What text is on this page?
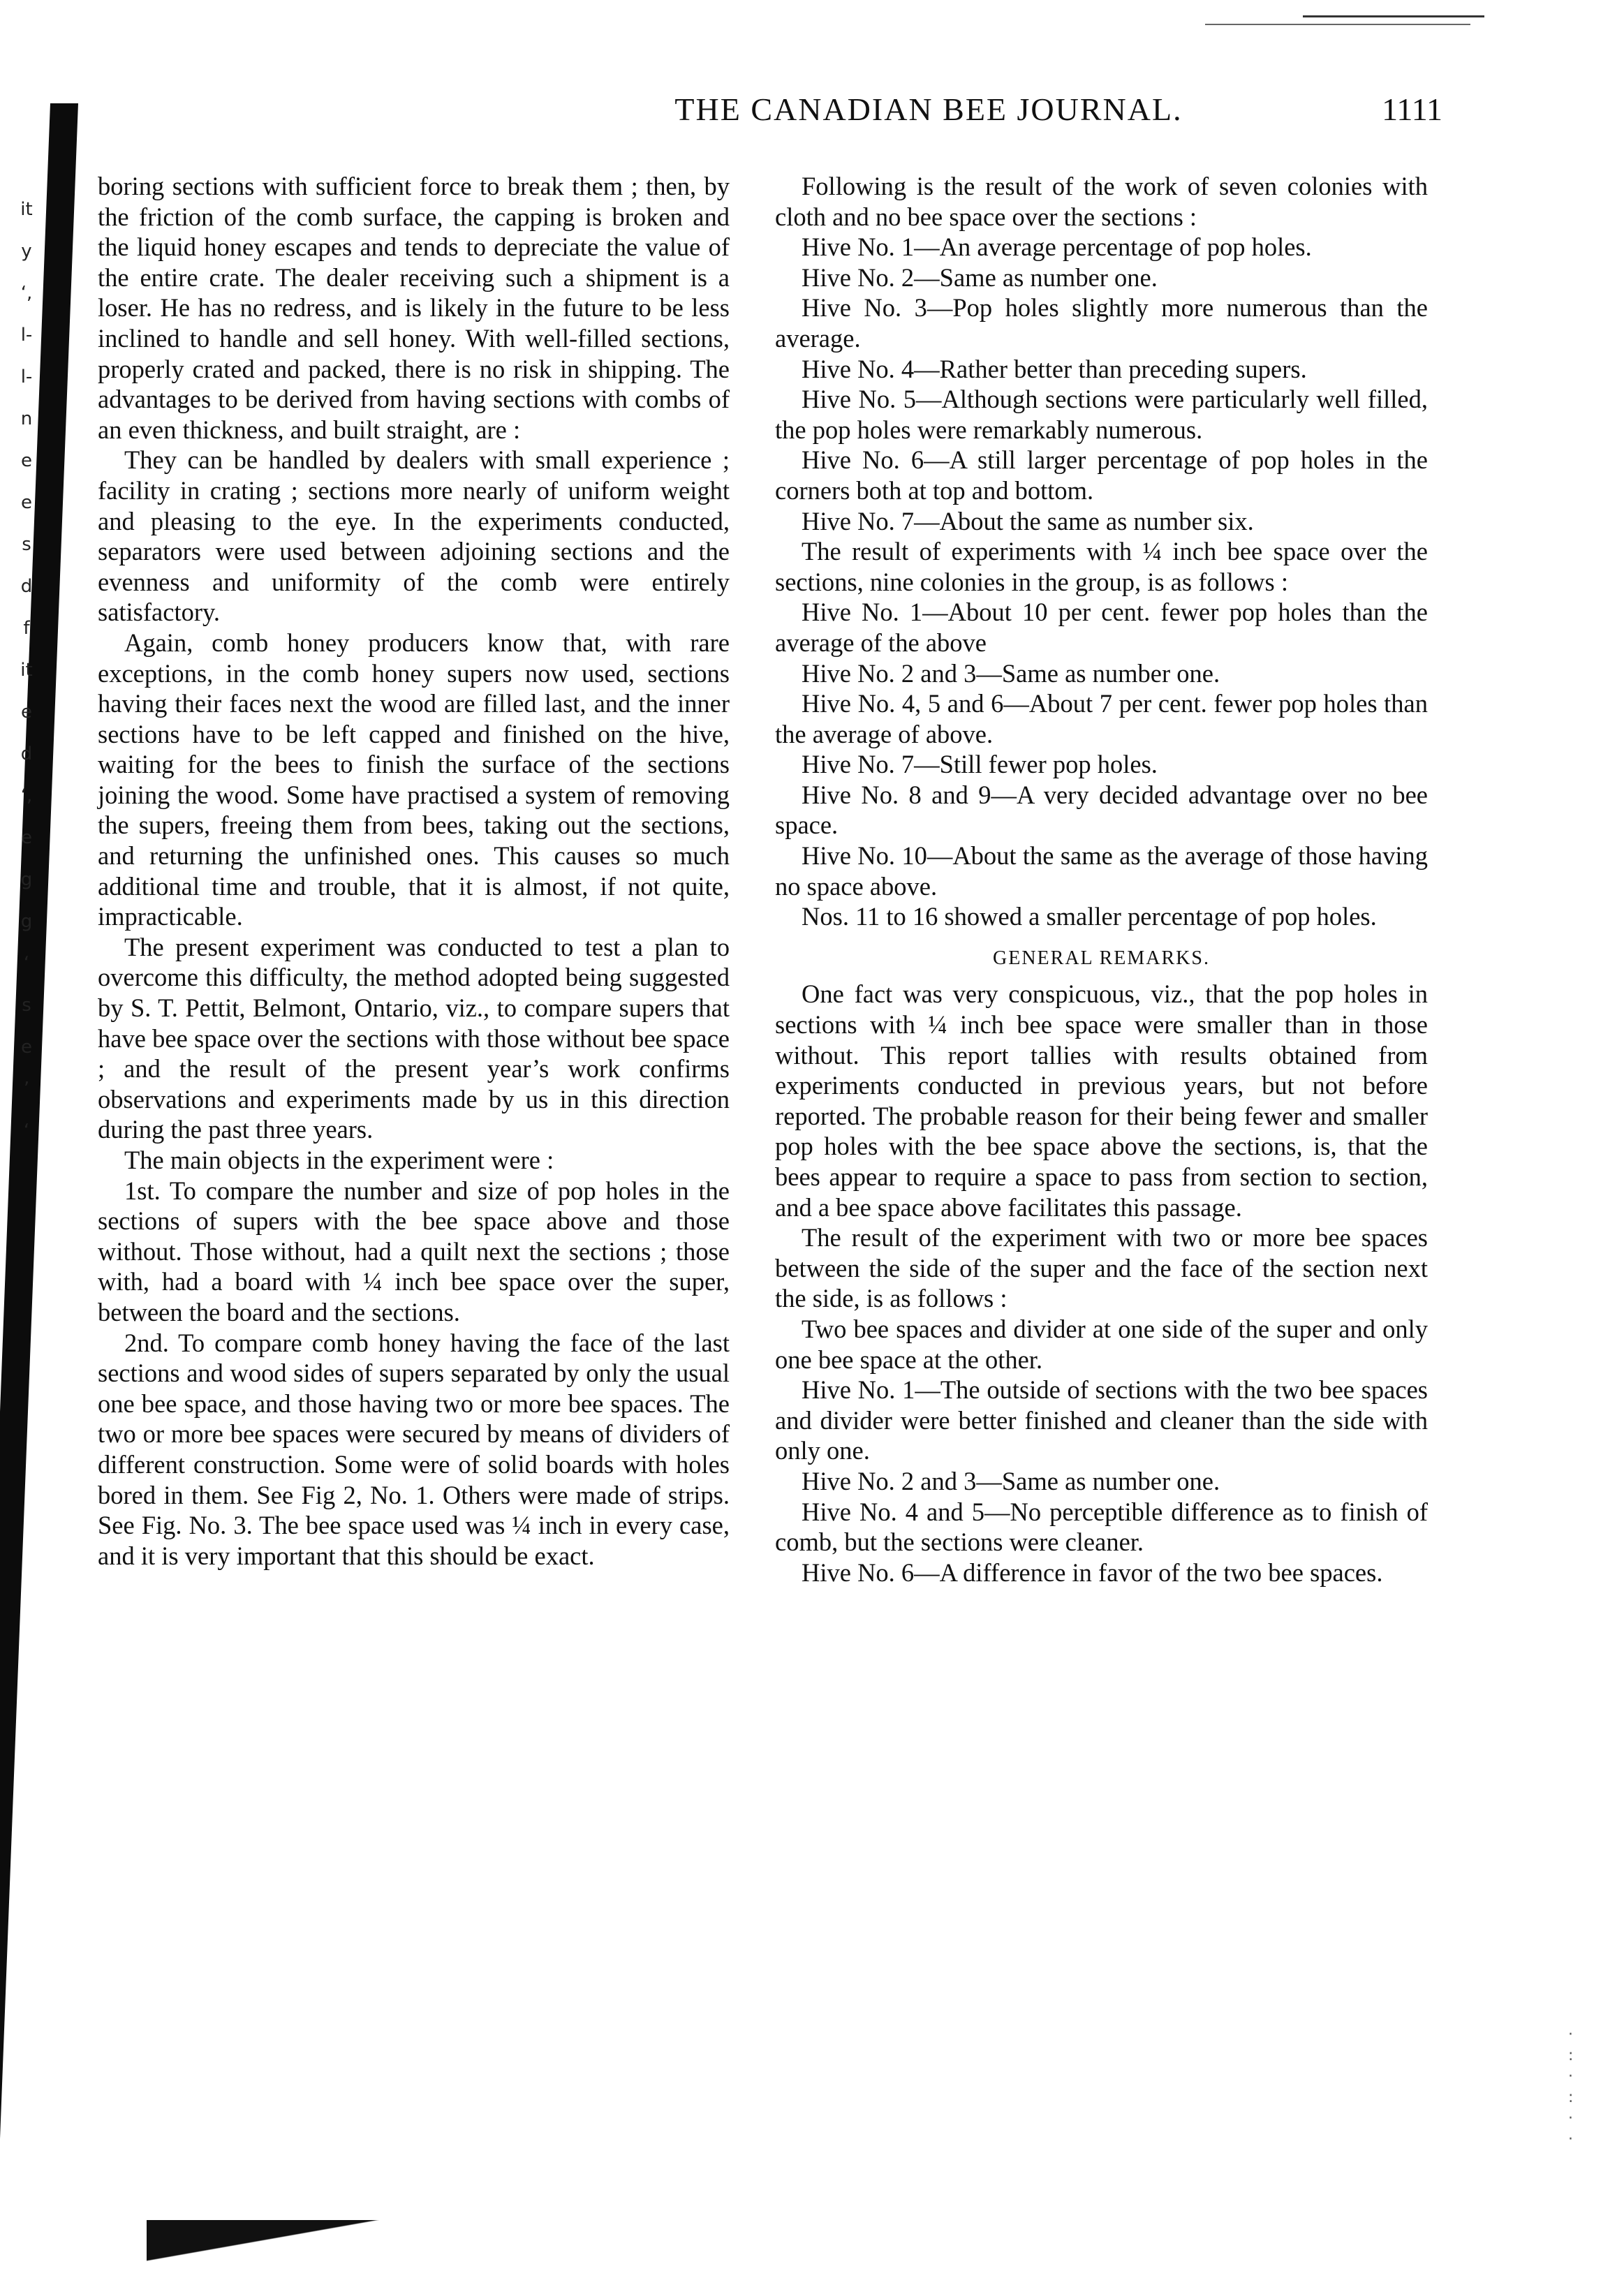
it
y
‘,
l-
l-
n
e
e
s
d
f
it
e
d
‘,
e
g
g
‘
s
e
’
‘
THE CANADIAN BEE JOURNAL.	1111

boring sections with sufficient force to break them ; then, by the friction of the comb surface, the capping is broken and the liquid honey escapes and tends to depreciate the value of the entire crate. The dealer receiving such a shipment is a loser. He has no redress, and is likely in the future to be less inclined to handle and sell honey. With well-filled sections, properly crated and packed, there is no risk in shipping. The advantages to be derived from having sections with combs of an even thickness, and built straight, are :

They can be handled by dealers with small experience ; facility in crating ; sections more nearly of uniform weight and pleasing to the eye. In the experiments conducted, separators were used between adjoining sections and the evenness and uniformity of the comb were entirely satisfactory.

Again, comb honey producers know that, with rare exceptions, in the comb honey supers now used, sections having their faces next the wood are filled last, and the inner sections have to be left capped and finished on the hive, waiting for the bees to finish the surface of the sections joining the wood. Some have practised a system of removing the supers, freeing them from bees, taking out the sections, and returning the unfinished ones. This causes so much additional time and trouble, that it is almost, if not quite, impracticable.

The present experiment was conducted to test a plan to overcome this difficulty, the method adopted being suggested by S. T. Pettit, Belmont, Ontario, viz., to compare supers that have bee space over the sections with those without bee space ; and the result of the present year’s work confirms observations and experiments made by us in this direction during the past three years.

The main objects in the experiment were :

1st. To compare the number and size of pop holes in the sections of supers with the bee space above and those without. Those without, had a quilt next the sections ; those with, had a board with ¼ inch bee space over the super, between the board and the sections.

2nd. To compare comb honey having the face of the last sections and wood sides of supers separated by only the usual one bee space, and those having two or more bee spaces. The two or more bee spaces were secured by means of dividers of different construction. Some were of solid boards with holes bored in them. See Fig 2, No. 1. Others were made of strips. See Fig. No. 3. The bee space used was ¼ inch in every case, and it is very important that this should be exact.

Following is the result of the work of seven colonies with cloth and no bee space over the sections :

Hive No. 1—An average percentage of pop holes.

Hive No. 2—Same as number one.

Hive No. 3—Pop holes slightly more numerous than the average.

Hive No. 4—Rather better than preceding supers.

Hive No. 5—Although sections were particularly well filled, the pop holes were remarkably numerous.

Hive No. 6—A still larger percentage of pop holes in the corners both at top and bottom.

Hive No. 7—About the same as number six.

The result of experiments with ¼ inch bee space over the sections, nine colonies in the group, is as follows :

Hive No. 1—About 10 per cent. fewer pop holes than the average of the above

Hive No. 2 and 3—Same as number one.

Hive No. 4, 5 and 6—About 7 per cent. fewer pop holes than the average of above.

Hive No. 7—Still fewer pop holes.

Hive No. 8 and 9—A very decided advantage over no bee space.

Hive No. 10—About the same as the average of those having no space above.

Nos. 11 to 16 showed a smaller percentage of pop holes.

GENERAL REMARKS.

One fact was very conspicuous, viz., that the pop holes in sections with ¼ inch bee space were smaller than in those without. This report tallies with results obtained from experiments conducted in previous years, but not before reported. The probable reason for their being fewer and smaller pop holes with the bee space above the sections, is, that the bees appear to require a space to pass from section to section, and a bee space above facilitates this passage.

The result of the experiment with two or more bee spaces between the side of the super and the face of the section next the side, is as follows :

Two bee spaces and divider at one side of the super and only one bee space at the other.

Hive No. 1—The outside of sections with the two bee spaces and divider were better finished and cleaner than the side with only one.

Hive No. 2 and 3—Same as number one.

Hive No. 4 and 5—No perceptible difference as to finish of comb, but the sections were cleaner.

Hive No. 6—A difference in favor of the two bee spaces.

·
:
·
:
·
·
